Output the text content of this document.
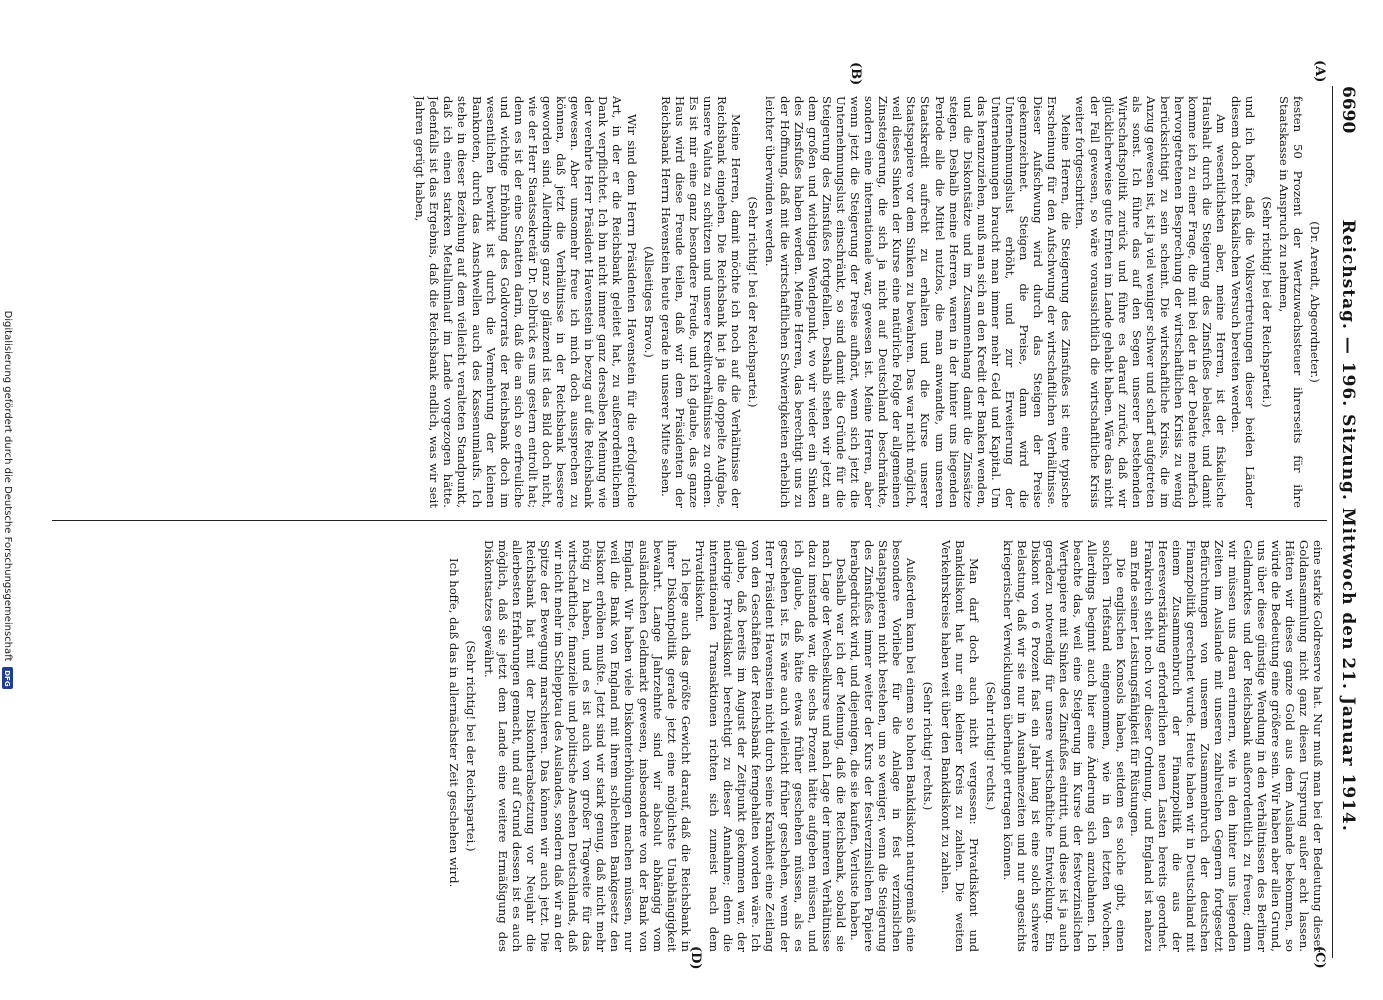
6690
Reichstag. — 196. Sitzung. Mittwoch den 21. Januar 1914.
(A)
(B)
(C)
(D)

(Dr. Arendt, Abgeordneter.)

festen 50 Prozent der Wertzuwachssteuer ihrerseits für ihre Staatskasse in Anspruch zu nehmen,

(Sehr richtig! bei der Reichspartei.)

und ich hoffe, daß die Volksvertretungen dieser beiden Länder diesem doch recht fiskalischen Versuch bereiten werden.

Am wesentlichsten aber, meine Herren, ist der fiskalische Haushalt durch die Steigerung des Zinsfußes belastet, und damit komme ich zu einer Frage, die mit bei der in der Debatte mehrfach hervorgetretenen Besprechung der wirtschaftlichen Krisis zu wenig berücksichtigt zu sein scheint. Die wirtschaftliche Krisis, die im Anzug gewesen ist, ist ja viel weniger schwer und scharf aufgetreten als sonst. Ich führe das auf den Segen unserer bestehenden Wirtschaftspolitik zurück und führe es darauf zurück, daß wir glücklicherweise gute Ernten im Lande gehabt haben. Wäre das nicht der Fall gewesen, so wäre voraussichtlich die wirtschaftliche Krisis weiter fortgeschritten.

Meine Herren, die Steigerung des Zinsfußes ist eine typische Erscheinung für den Aufschwung der wirtschaftlichen Verhältnisse. Dieser Aufschwung wird durch das Steigen der Preise gekennzeichnet. Steigen die Preise, dann wird die Unternehmungslust erhöht, und zur Erweiterung der Unternehmungen braucht man immer mehr Geld und Kapital. Um das heranzuziehen, muß man sich an den Kredit der Banken wenden, und die Diskontsätze und im Zusammenhang damit die Zinssätze steigen. Deshalb meine Herren, waren in der hinter uns liegenden Periode alle die Mittel nutzlos, die man anwandte, um unseren Staatskredit aufrecht zu erhalten und die Kurse unserer Staatspapiere vor dem Sinken zu bewahren. Das war nicht möglich, weil dieses Sinken der Kurse eine natürliche Folge der allgemeinen Zinssteigerung, die sich ja nicht auf Deutschland beschränkte, sondern eine internationale war, gewesen ist. Meine Herren, aber wenn jetzt die Steigerung der Preise aufhört, wenn sich jetzt die Unternehmungslust einschränkt, so sind damit die Gründe für die Steigerung des Zinsfußes fortgefallen. Deshalb stehen wir jetzt an dem großen und wichtigen Wendepunkt, wo wir wieder ein Sinken des Zinsfußes haben werden. Meine Herren, das berechtigt uns zu der Hoffnung, daß mit die wirtschaftlichen Schwierigkeiten erheblich leichter überwinden werden.

(Sehr richtig! bei der Reichspartei.)

Meine Herren, damit möchte ich noch auf die Verhältnisse der Reichsbank eingehen. Die Reichsbank hat ja die doppelte Aufgabe, unsere Valuta zu schützen und unsere Kreditverhältnisse zu ordnen. Es ist mir eine ganz besondere Freude, und ich glaube, das ganze Haus wird diese Freude teilen, daß wir dem Präsidenten der Reichsbank Herrn Havenstein heute gerade in unserer Mitte sehen.

(Allseitiges Bravo.)

Wir sind dem Herrn Präsidenten Havenstein für die erfolgreiche Art, in der er die Reichsbank geleitet hat, zu außerordentlichem Dank verpflichtet. Ich bin nicht immer ganz derselben Meinung wie der verehrte Herr Präsident Havenstein in bezug auf die Reichsbank gewesen. Aber umsomehr freue ich mich doch aussprechen zu können, daß jetzt die Verhältnisse in der Reichsbank bessere geworden sind. Allerdings ganz so glänzend ist das Bild doch nicht, wie der Herr Staatssekretär Dr. Delbrück es uns gestern entrollt hat; denn es ist der eine Schatten darin, daß die an sich so erfreuliche und wichtige Erhöhung des Goldvorrats der Reichsbank doch im wesentlichen bewirkt ist durch die Vermehrung der kleinen Banknoten, durch das Anschwellen auch des Kassenumlaufs. Ich stehe in dieser Beziehung auf dem vielleicht veralteten Standpunkt, daß ich einen starken Metallumlauf im Lande vorgezogen hätte. Jedenfalls ist das Ergebnis, daß die Reichsbank endlich, was wir seit Jahren gerügt haben,

eine starke Goldreserve hat. Nur muß man bei der Bedeutung dieser Goldansammlung nicht ganz diesen Ursprung außer acht lassen. Hätten wir dieses ganze Gold aus dem Auslande bekommen, so würde die Bedeutung eine größere sein. Wir haben aber allen Grund, uns über diese günstige Wendung in den Verhältnissen des Berliner Geldmarktes und der Reichsbank außerordentlich zu freuen; denn wir müssen uns daran erinnern, wie in den hinter uns liegenden Zeiten im Auslande mit unseren zahlreichen Gegnern fortgesetzt Befürchtungen von unserem Zusammenbruch der deutschen Finanzpolitik gerechnet wurde. Heute haben wir in Deutschland mit einem Zusammenbruch der Finanzpolitik die aus der Heeresverstärkung erforderlichen neuen Lasten bereits geordnet. Frankreich steht noch vor dieser Ordnung, und England ist nahezu am Ende seiner Leistungsfähigkeit für Rüstungen.

Die englischen Konsols haben, seitdem es solche gibt, einen solchen Tiefstand eingenommen, wie in den letzten Wochen. Allerdings beginnt auch hier eine Änderung sich anzubahnen. Ich beachte das, weil eine Steigerung im Kurse der festverzinslichen Wertpapiere mit Sinken des Zinsfußes eintritt, und diese ist ja auch geradezu notwendig für unsere wirtschaftliche Entwicklung. Ein Diskont von 6 Prozent fast ein Jahr lang ist eine solch schwere Belastung, daß wir sie nur in Ausnahmezeiten und nur angesichts kriegerischer Verwicklungen überhaupt ertragen können.

(Sehr richtig! rechts.)

Man darf doch auch nicht vergessen: Privatdiskont und Bankdiskont hat nur ein kleiner Kreis zu zahlen. Die weiten Verkehrskreise haben weit über den Bankdiskont zu zahlen.

(Sehr richtig! rechts.)

Außerdem kann bei einem so hohen Bankdiskont naturgemäß eine besondere Vorliebe für die Anlage in fest verzinslichen Staatspapieren nicht bestehen, um so weniger, wenn die Steigerung des Zinsfußes immer weiter der Kurs der festverzinslichen Papiere herabgedrückt wird, und diejenigen, die sie kaufen, Verluste haben.

Deshalb war ich der Meinung, daß die Reichsbank, sobald sie nach Lage der Wechselkurse und nach Lage der inneren Verhältnisse dazu imstande war, die sechs Prozent hätte aufgeben müssen, und ich glaube, daß hätte etwas früher geschehen müssen, als es geschehen ist. Es wäre auch vielleicht früher geschehen, wenn der Herr Präsident Havenstein nicht durch seine Krankheit eine Zeitlang von den Geschäften der Reichsbank ferngehalten worden wäre. Ich glaube, daß bereits im August der Zeitpunkt gekommen war, der niedrige Privatdiskont berechtigt zu dieser Annahme; denn die internationalen Transaktionen richten sich zumeist nach dem Privatdiskont.

Ich lege auch das größte Gewicht darauf, daß die Reichsbank in ihrer Diskontpolitik gerade jetzt eine möglichste Unabhängigkeit bewahrt. Lange Jahrzehnte sind wir absolut abhängig vom ausländischen Geldmarkt gewesen, insbesondere von der Bank von England. Wir haben viele Diskonterhöhungen machen müssen, nur weil die Bank von England mit ihrem schlechten Bankgesetz den Diskont erhöhen mußte. Jetzt sind wir stark genug, daß nicht mehr nötig zu haben, und es ist auch von großer Tragweite für das wirtschaftliche, finanzielle und politische Ansehen Deutschlands, daß wir nicht mehr im Schlepptau des Auslandes, sondern daß wir an der Spitze der Bewegung marschieren. Das können wir auch jetzt. Die Reichsbank hat mit der Diskontherabsetzung vor Neujahr die allerbesten Erfahrungen gemacht, und auf Grund dessen ist es auch möglich, daß sie jetzt dem Lande eine weitere Ermäßigung des Diskontsatzes gewährt.

(Sehr richtig! bei der Reichspartei.)

Ich hoffe, daß das in allernächster Zeit geschehen wird.

Digitalisierung gefördert durch die Deutsche Forschungsgemeinschaft
DFG
